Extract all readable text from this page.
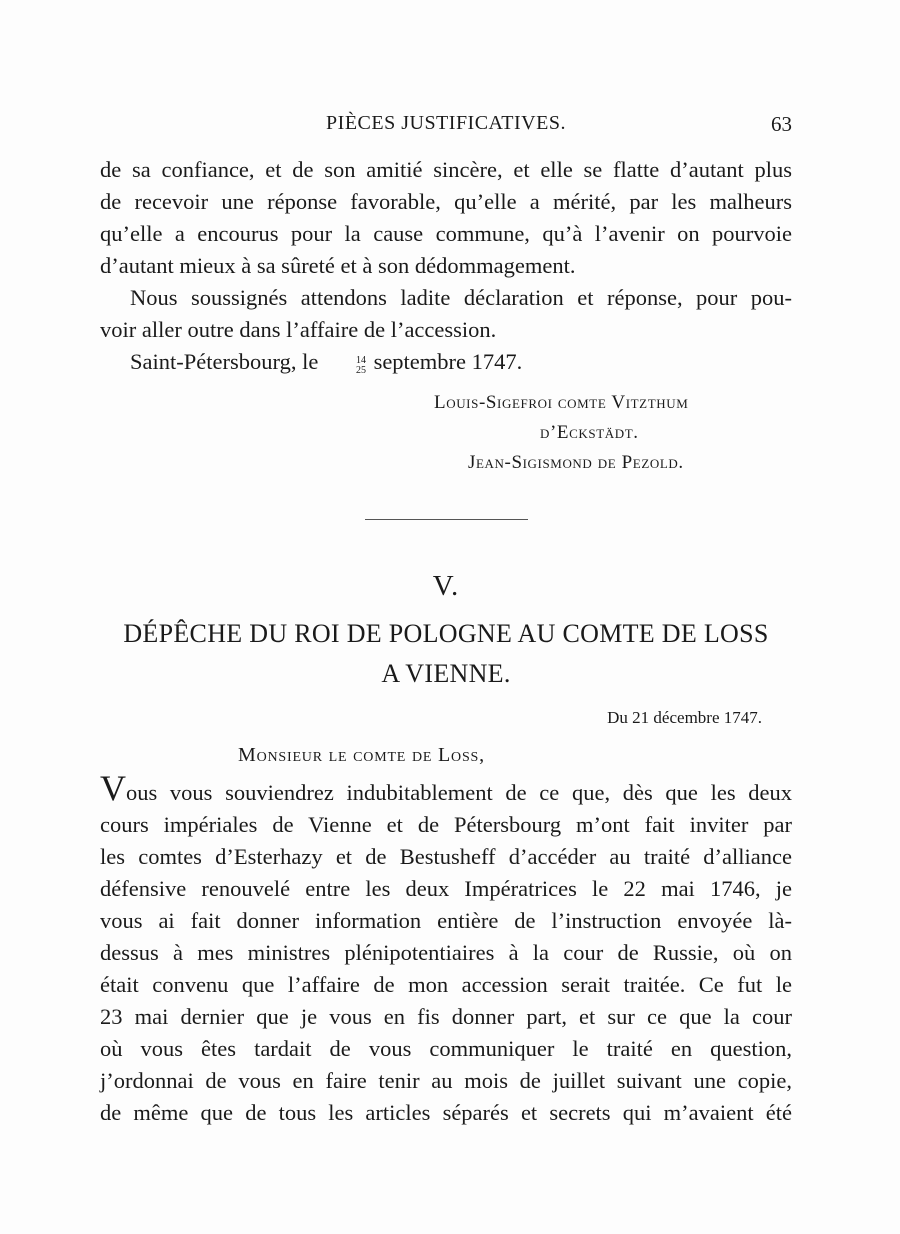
PIÈCES JUSTIFICATIVES.	63

de sa confiance, et de son amitié sincère, et elle se flatte d’autant plus

de recevoir une réponse favorable, qu’elle a mérité, par les malheurs

qu’elle a encourus pour la cause commune, qu’à l’avenir on pourvoie

d’autant mieux à sa sûreté et à son dédommagement.

Nous soussignés attendons ladite déclaration et réponse, pour pou-

voir aller outre dans l’affaire de l’accession.

Saint-Pétersbourg, le	14
25 septembre 1747.

Louis-Sigefroi comte Vitzthum
d’Eckstädt.
Jean-Sigismond de Pezold.
V.
DÉPÊCHE DU ROI DE POLOGNE AU COMTE DE LOSS
A VIENNE.
Du 21 décembre 1747.
Monsieur le comte de Loss,

Vous vous souviendrez indubitablement de ce que, dès que les deux

cours impériales de Vienne et de Pétersbourg m’ont fait inviter par

les comtes d’Esterhazy et de Bestusheff d’accéder au traité d’alliance

défensive renouvelé entre les deux Impératrices le 22 mai 1746, je

vous ai fait donner information entière de l’instruction envoyée là-

dessus à mes ministres plénipotentiaires à la cour de Russie, où on

était convenu que l’affaire de mon accession serait traitée. Ce fut le

23 mai dernier que je vous en fis donner part, et sur ce que la cour

où vous êtes tardait de vous communiquer le traité en question,

j’ordonnai de vous en faire tenir au mois de juillet suivant une copie,

de même que de tous les articles séparés et secrets qui m’avaient été
